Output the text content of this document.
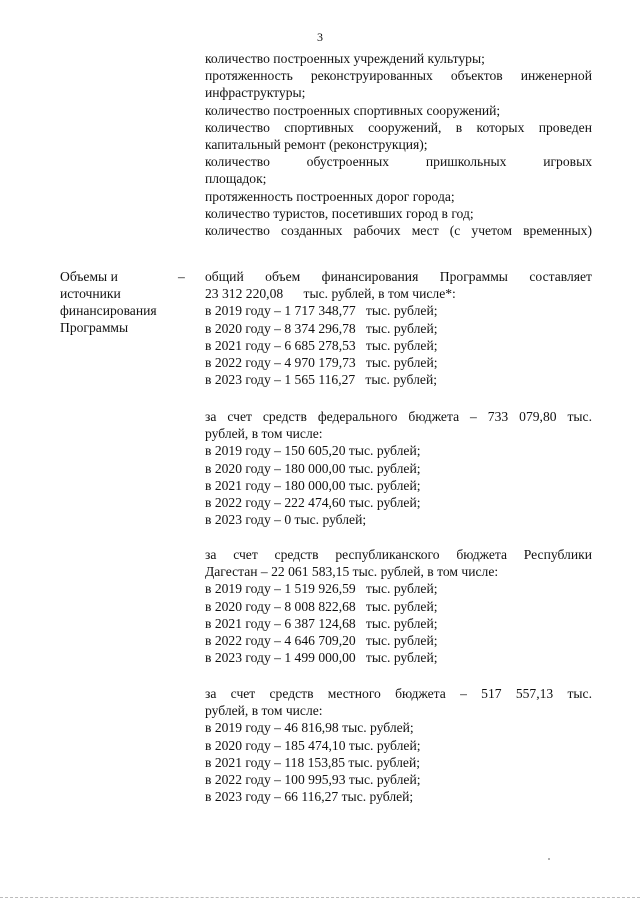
3
количество построенных учреждений культуры;
протяженность реконструированных объектов инженерной
инфраструктуры;
количество построенных спортивных сооружений;
количество спортивных сооружений, в которых проведен
капитальный ремонт (реконструкция);
количество обустроенных пришкольных игровых
площадок;
протяженность построенных дорог города;
количество туристов, посетивших город в год;
количество созданных рабочих мест (с учетом временных)
Объемы и
источники
финансирования
Программы
– общий объем финансирования Программы составляет
23 312 220,08      тыс. рублей, в том числе*:
в 2019 году – 1 717 348,77   тыс. рублей;
в 2020 году – 8 374 296,78   тыс. рублей;
в 2021 году – 6 685 278,53   тыс. рублей;
в 2022 году – 4 970 179,73   тыс. рублей;
в 2023 году – 1 565 116,27   тыс. рублей;
за счет средств федерального бюджета – 733 079,80 тыс.
рублей, в том числе:
в 2019 году – 150 605,20 тыс. рублей;
в 2020 году – 180 000,00 тыс. рублей;
в 2021 году – 180 000,00 тыс. рублей;
в 2022 году – 222 474,60 тыс. рублей;
в 2023 году – 0 тыс. рублей;
за счет средств республиканского бюджета Республики
Дагестан – 22 061 583,15 тыс. рублей, в том числе:
в 2019 году – 1 519 926,59   тыс. рублей;
в 2020 году – 8 008 822,68   тыс. рублей;
в 2021 году – 6 387 124,68   тыс. рублей;
в 2022 году – 4 646 709,20   тыс. рублей;
в 2023 году – 1 499 000,00   тыс. рублей;
за счет средств местного бюджета – 517 557,13 тыс.
рублей, в том числе:
в 2019 году – 46 816,98 тыс. рублей;
в 2020 году – 185 474,10 тыс. рублей;
в 2021 году – 118 153,85 тыс. рублей;
в 2022 году – 100 995,93 тыс. рублей;
в 2023 году – 66 116,27 тыс. рублей;
